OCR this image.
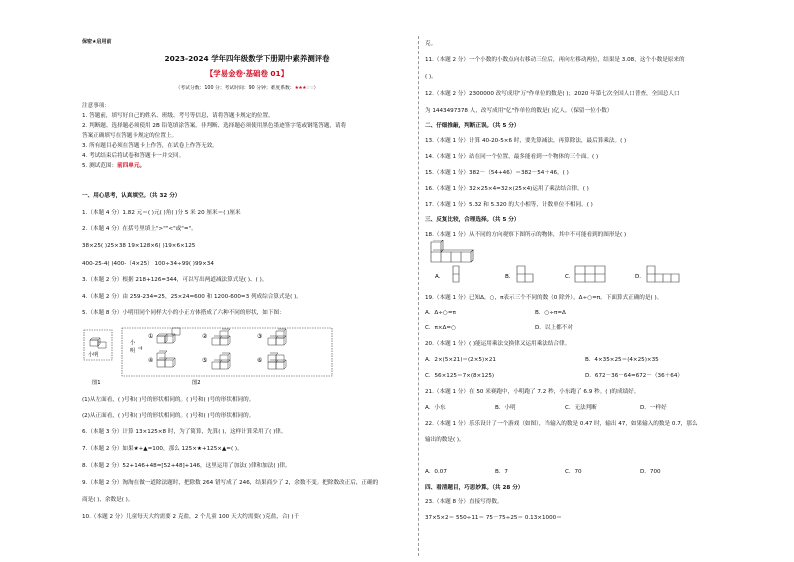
保密★启用前
2023-2024 学年四年级数学下册期中素养测评卷
【学易金卷·基础卷 01】
（考试分数：100 分；考试时间：90 分钟；难度系数：★★★☆☆）
注意事项：
1. 答题前，填写好自己的姓名、班级、考号等信息，请将答题卡规定的位置。
2. 判断题、选择题必须使用 2B 铅笔填涂答案，非判断、选择题必须使用黑色墨迹签字笔或钢笔答题，请将
答案正确填写在答题卡规定的位置上。
3. 所有题目必须在答题卡上作答，在试卷上作答无效。
4. 考试结束后将试卷和答题卡一并交回。
5. 测试范围：前四单元。
一、用心思考，认真填空。（共 32 分）
1.（本题 4 分）1.82 元＝( )元( )角( )分 5 米 20 厘米＝( )厘米
2.（本题 4 分）在括号里填上">""<"或"="。
38×25( )25×38 19×128×6( )19×6×125
400-25-4( )400-（4×25） 100÷34÷99( )99×34
3.（本题 2 分）根据 218+126=344，可以写出两道减法算式是( )、( )。
4.（本题 2 分）由 259-234=25，25×24=600 和 1200-600=3 列成综合算式是( )。
5.（本题 8 分）小明用同个同样大小的小正方体搭成了六种不同的形状，如下图：
小明
图1
小
明
①
④
②
⑤
③
⑥
图2
(1)从左面看，( )号和( )号的形状相同的。( )号和( )号的形状相同的。
(2)从正面看，( )号和( )号的形状相同的。( )号和( )号的形状相同的。
6.（本题 3 分）计算 13×125×8 时，为了简算，先算( )，这样计算采用了( )律。
7.（本题 2 分）如果★+▲=100，那么 125×★+125×▲=( )。
8.（本题 2 分）52+146+48=[52+48]+146，这里运用了加法( )律和加法( )律。
9.（本题 2 分）淘淘在做一道除法题时，把除数 264 错写成了 246，结果商少了 2，余数不变。把除数改正后，正确的
商是( )，余数是( )。
10.（本题 2 分）儿童每天大约需要 2 克盐，2 个儿童 100 天大约需要( )克盐，合( )千
克。
11.（本题 2 分）一个小数的小数点向右移动三位后，再向左移动两位，结果是 3.08，这个小数是原来的
( )。
12.（本题 2 分）2300000 改写成用"万"作单位的数是( )；2020 年第七次全国人口普查，全国总人口
为 1443497378 人，改写成用"亿"作单位的数是( )亿人。（保留一位小数）
二、仔细推敲，判断正误。（共 5 分）
13.（本题 1 分）计算 40-20-5×6 时，要先算减法，再算除法，最后算乘法。( )
14.（本题 1 分）站在同一个位置，最多能看到一个物体的三个面。( )
15.（本题 1 分）382－（54+46）＝382－54＋46。( )
16.（本题 1 分）32×25×4=32×(25×4)运用了乘法结合律。( )
17.（本题 1 分）5.32 和 5.320 的大小相等，计数单位不相同。( )
三、反复比较，合理选择。（共 5 分）
18.（本题 1 分）从不同的方向观察下图所示的物体，其中不可能看到的图形是( )
A.	B.	C.	D.
19.（本题 1 分）已知Δ，○，π表示三个不同的数（0 除外），Δ÷○=π。下面算式正确的是( )。
A．Δ÷○=π	B．○÷π=Δ
C．π×Δ=○	D．以上都不对
20.（本题 1 分）( )能运用乘法交换律又运用乘法结合律。
A．2×(5×21)＝(2×5)×21	B．4×35×25＝(4×25)×35
C．56×125＝7×(8×125)	D．672－36－64=672－（36＋64）
21.（本题 1 分）在 50 米赛跑中，小明跑了 7.2 秒，小东跑了 6.9 秒。( )的成绩好。
A．小东	B．小明	C．无法判断	D．一样好
22.（本题 1 分）乐乐设计了一个游戏（如图），当输入的数是 0.47 时，输出 47，如果输入的数是 0.7，那么
输出的数是( )。
A．0.07	B．7	C．70	D．700
四、看清题目，巧思妙算。（共 28 分）
23.（本题 8 分）直接写得数。
37×5×2＝ 550÷11＝ 75－75÷25＝ 0.13×1000＝
